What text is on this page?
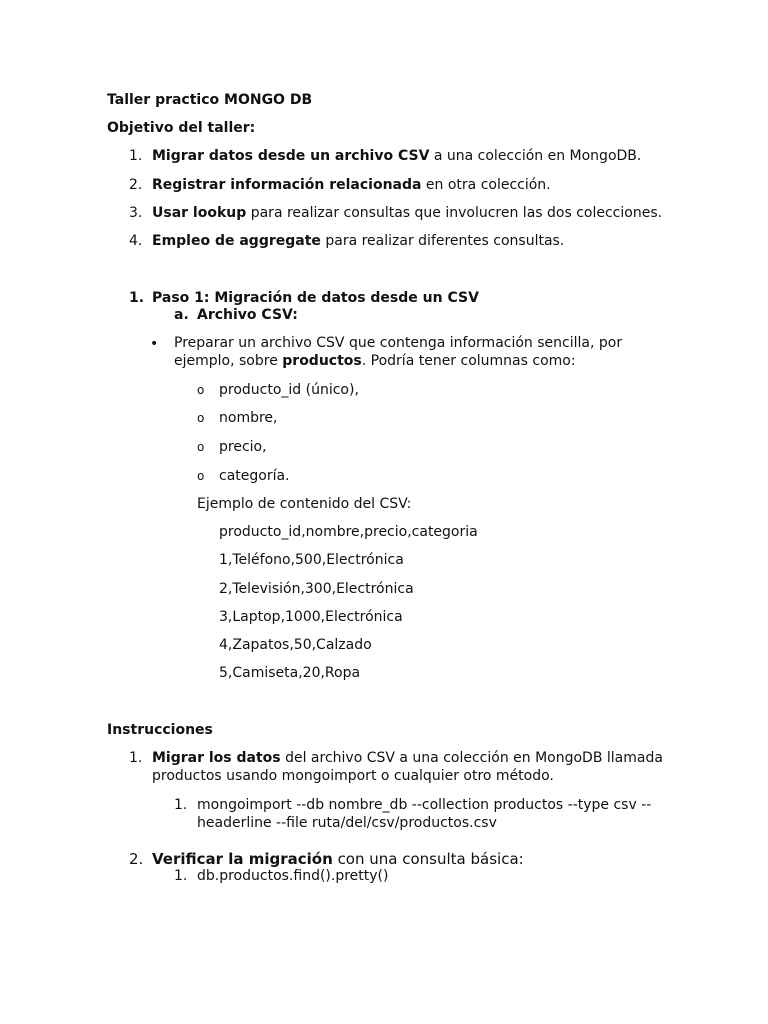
Taller practico MONGO DB
Objetivo del taller:
1. Migrar datos desde un archivo CSV a una colección en MongoDB.
2. Registrar información relacionada en otra colección.
3. Usar lookup para realizar consultas que involucren las dos colecciones.
4. Empleo de aggregate para realizar diferentes consultas.
1. Paso 1: Migración de datos desde un CSV
a. Archivo CSV:
• Preparar un archivo CSV que contenga información sencilla, por
ejemplo, sobre productos. Podría tener columnas como:
o producto_id (único),
o nombre,
o precio,
o categoría.
Ejemplo de contenido del CSV:
producto_id,nombre,precio,categoria
1,Teléfono,500,Electrónica
2,Televisión,300,Electrónica
3,Laptop,1000,Electrónica
4,Zapatos,50,Calzado
5,Camiseta,20,Ropa
Instrucciones
1. Migrar los datos del archivo CSV a una colección en MongoDB llamada
productos usando mongoimport o cualquier otro método.
1. mongoimport --db nombre_db --collection productos --type csv --
headerline --file ruta/del/csv/productos.csv
2. Verificar la migración con una consulta básica:
1. db.productos.find().pretty()
